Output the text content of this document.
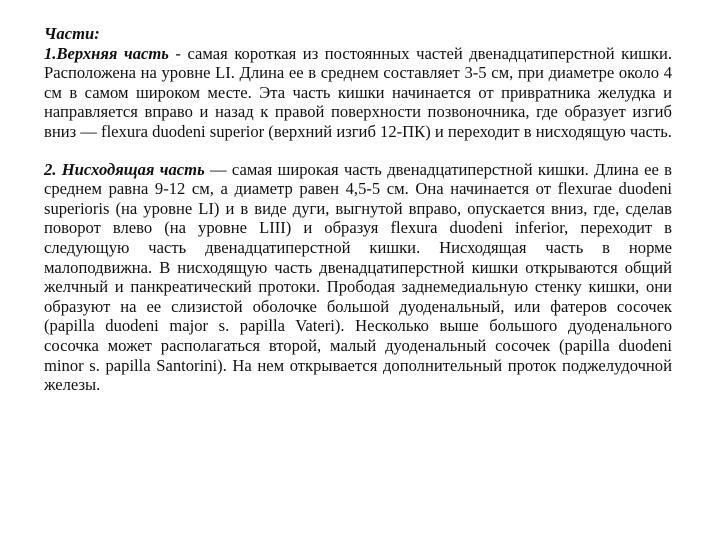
Части:

1.Верхняя часть - самая короткая из постоянных частей двенадцатиперстной кишки. Расположена на уровне LI. Длина ее в среднем составляет 3-5 см, при диаметре около 4 см в самом широком месте. Эта часть кишки начинается от привратника желудка и направляется вправо и назад к правой поверхности позвоночника, где образует изгиб вниз — flexura duodeni superior (верхний изгиб 12-ПК) и переходит в нисходящую часть.

2. Нисходящая часть — самая широкая часть двенадцатиперстной кишки. Длина ее в среднем равна 9-12 см, а диаметр равен 4,5-5 см. Она начинается от flexurae duodeni superioris (на уровне LI) и в виде дуги, выгнутой вправо, опускается вниз, где, сделав поворот влево (на уровне LIII) и образуя flexura duodeni inferior, переходит в следующую часть двенадцатиперстной кишки. Нисходящая часть в норме малоподвижна. В нисходящую часть двенадцатиперстной кишки открываются общий желчный и панкреатический протоки. Прободая заднемедиальную стенку кишки, они образуют на ее слизистой оболочке большой дуоденальный, или фатеров сосочек (papilla duodeni major s. papilla Vateri). Несколько выше большого дуоденального сосочка может располагаться второй, малый дуоденальный сосочек (papilla duodeni minor s. papilla Santorini). На нем открывается дополнительный проток поджелудочной железы.
